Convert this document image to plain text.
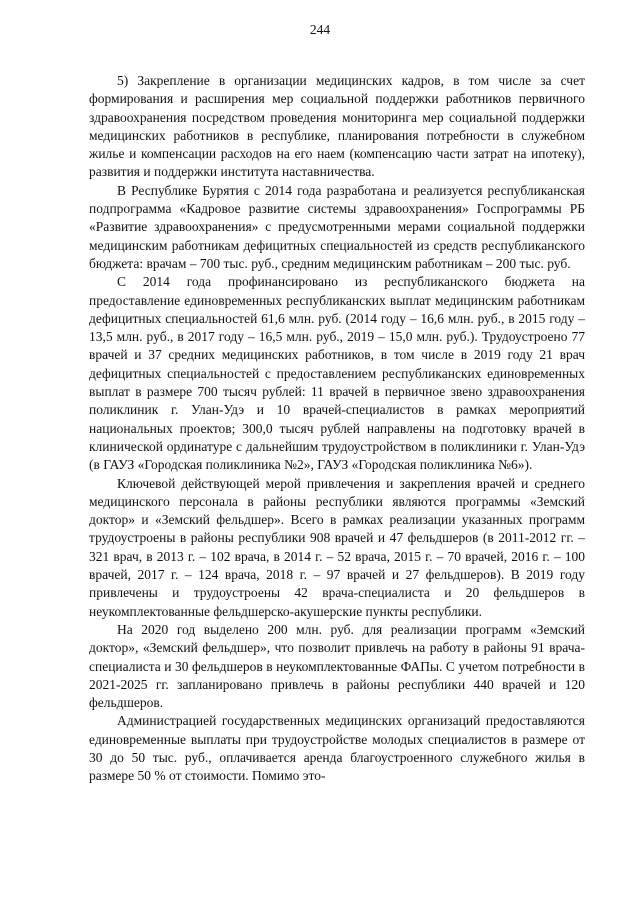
244

5) Закрепление в организации медицинских кадров, в том числе за счет формирования и расширения мер социальной поддержки работников первичного здравоохранения посредством проведения мониторинга мер социальной поддержки медицинских работников в республике, планирования потребности в служебном жилье и компенсации расходов на его наем (компенсацию части затрат на ипотеку), развития и поддержки института наставничества.

В Республике Бурятия с 2014 года разработана и реализуется республиканская подпрограмма «Кадровое развитие системы здравоохранения» Госпрограммы РБ «Развитие здравоохранения» с предусмотренными мерами социальной поддержки медицинским работникам дефицитных специальностей из средств республиканского бюджета: врачам – 700 тыс. руб., средним медицинским работникам – 200 тыс. руб.

С 2014 года профинансировано из республиканского бюджета на предоставление единовременных республиканских выплат медицинским работникам дефицитных специальностей 61,6 млн. руб. (2014 году – 16,6 млн. руб., в 2015 году – 13,5 млн. руб., в 2017 году – 16,5 млн. руб., 2019 – 15,0 млн. руб.). Трудоустроено 77 врачей и 37 средних медицинских работников, в том числе в 2019 году 21 врач дефицитных специальностей с предоставлением республиканских единовременных выплат в размере 700 тысяч рублей: 11 врачей в первичное звено здравоохранения поликлиник г. Улан-Удэ и 10 врачей-специалистов в рамках мероприятий национальных проектов; 300,0 тысяч рублей направлены на подготовку врачей в клинической ординатуре с дальнейшим трудоустройством в поликлиники г. Улан-Удэ (в ГАУЗ «Городская поликлиника №2», ГАУЗ «Городская поликлиника №6»).

Ключевой действующей мерой привлечения и закрепления врачей и среднего медицинского персонала в районы республики являются программы «Земский доктор» и «Земский фельдшер». Всего в рамках реализации указанных программ трудоустроены в районы республики 908 врачей и 47 фельдшеров (в 2011-2012 гг. – 321 врач, в 2013 г. – 102 врача, в 2014 г. – 52 врача, 2015 г. – 70 врачей, 2016 г. – 100 врачей, 2017 г. – 124 врача, 2018 г. – 97 врачей и 27 фельдшеров). В 2019 году привлечены и трудоустроены 42 врача-специалиста и 20 фельдшеров в неукомплектованные фельдшерско-акушерские пункты республики.

На 2020 год выделено 200 млн. руб. для реализации программ «Земский доктор», «Земский фельдшер», что позволит привлечь на работу в районы 91 врача-специалиста и 30 фельдшеров в неукомплектованные ФАПы. С учетом потребности в 2021-2025 гг. запланировано привлечь в районы республики 440 врачей и 120 фельдшеров.

Администрацией государственных медицинских организаций предоставляются единовременные выплаты при трудоустройстве молодых специалистов в размере от 30 до 50 тыс. руб., оплачивается аренда благоустроенного служебного жилья в размере 50 % от стоимости. Помимо это-
